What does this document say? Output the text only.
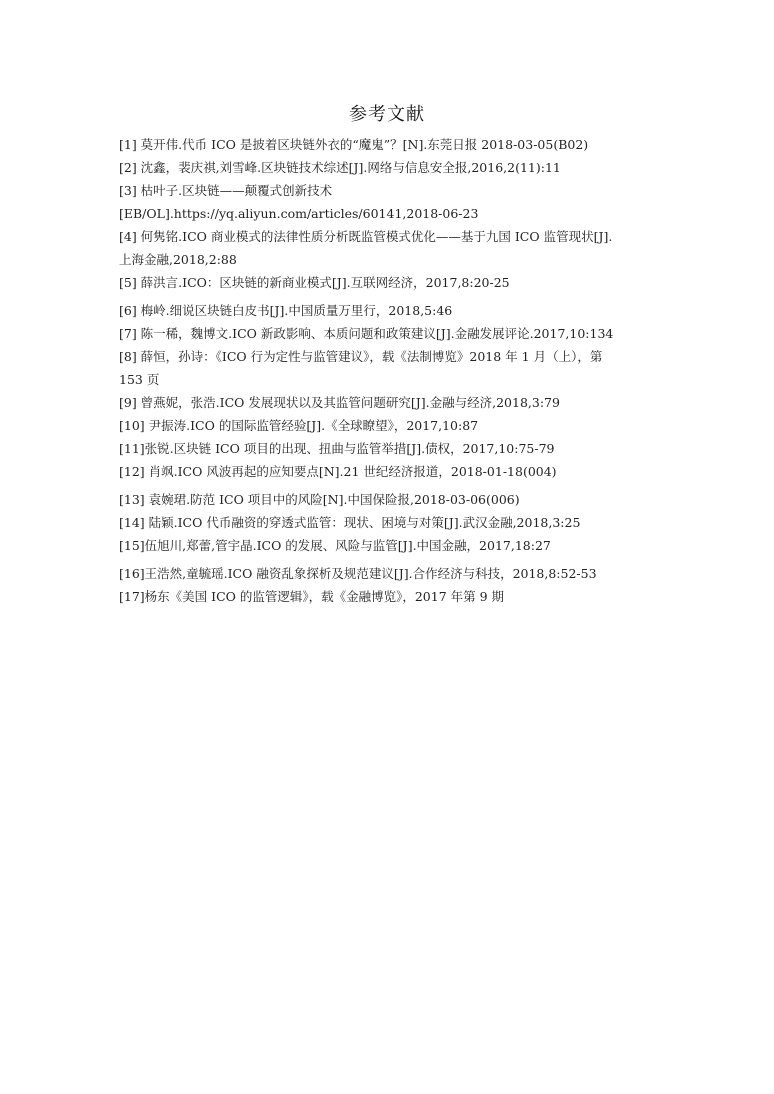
参考文献
[1] 莫开伟.代币 ICO 是披着区块链外衣的“魔鬼”？[N].东莞日报 2018-03-05(B02)
[2] 沈鑫，裴庆祺,刘雪峰.区块链技术综述[J].网络与信息安全报,2016,2(11):11
[3] 枯叶子.区块链——颠覆式创新技术
[EB/OL].https://yq.aliyun.com/articles/60141,2018-06-23
[4] 何隽铭.ICO 商业模式的法律性质分析既监管模式优化——基于九国 ICO 监管现状[J].
上海金融,2018,2:88
[5] 薛洪言.ICO：区块链的新商业模式[J].互联网经济，2017,8:20-25
[6] 梅岭.细说区块链白皮书[J].中国质量万里行，2018,5:46
[7] 陈一稀，魏博文.ICO 新政影响、本质问题和政策建议[J].金融发展评论.2017,10:134
[8] 薛恒，孙诗：《ICO 行为定性与监管建议》，载《法制博览》2018 年 1 月（上），第
153 页
[9] 曾燕妮，张浩.ICO 发展现状以及其监管问题研究[J].金融与经济,2018,3:79
[10] 尹振涛.ICO 的国际监管经验[J].《全球瞭望》，2017,10:87
[11]张锐.区块链 ICO 项目的出现、扭曲与监管举措[J].债权，2017,10:75-79
[12] 肖飒.ICO 风波再起的应知要点[N].21 世纪经济报道，2018-01-18(004)
[13] 袁婉珺.防范 ICO 项目中的风险[N].中国保险报,2018-03-06(006)
[14] 陆颖.ICO 代币融资的穿透式监管：现状、困境与对策[J].武汉金融,2018,3:25
[15]伍旭川,郑蕾,管宇晶.ICO 的发展、风险与监管[J].中国金融，2017,18:27
[16]王浩然,童毓瑶.ICO 融资乱象探析及规范建议[J].合作经济与科技，2018,8:52-53
[17]杨东《美国 ICO 的监管逻辑》，载《金融博览》，2017 年第 9 期
